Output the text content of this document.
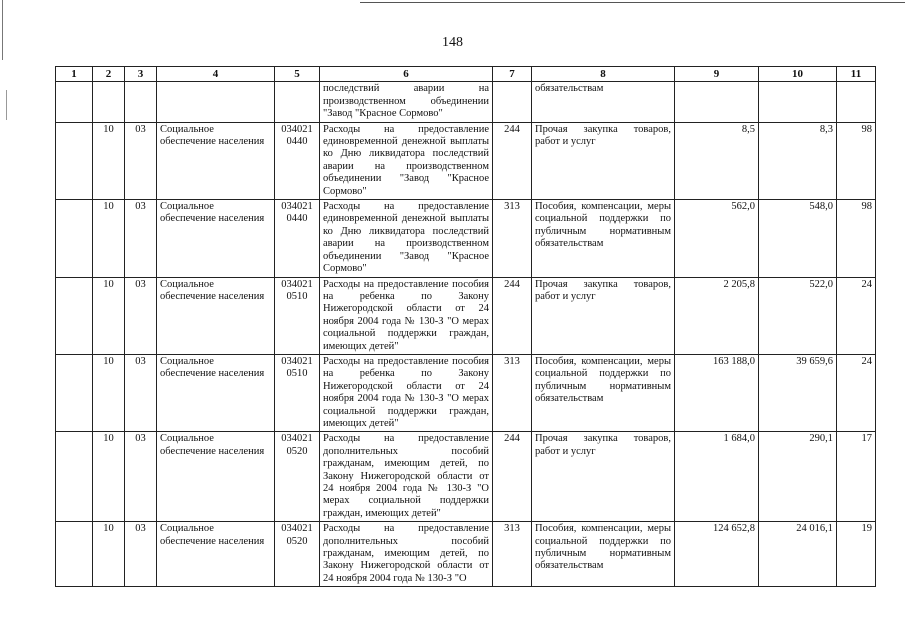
148
1	2	3	4	5	6	7	8	9	10	11
					последствий аварии на производственном объединении "Завод "Красное Сормово"		обязательствам			
	10	03	Социальное обеспечение населения	034021 0440	Расходы на предоставление единовременной денежной выплаты ко Дню ликвидатора последствий аварии на производственном объединении "Завод "Красное Сормово"	244	Прочая закупка товаров, работ и услуг	8,5	8,3	98
	10	03	Социальное обеспечение населения	034021 0440	Расходы на предоставление единовременной денежной выплаты ко Дню ликвидатора последствий аварии на производственном объединении "Завод "Красное Сормово"	313	Пособия, компенсации, меры социальной поддержки по публичным нормативным обязательствам	562,0	548,0	98
	10	03	Социальное обеспечение населения	034021 0510	Расходы на предоставление пособия на ребенка по Закону Нижегородской области от 24 ноября 2004 года № 130-З "О мерах социальной поддержки граждан, имеющих детей"	244	Прочая закупка товаров, работ и услуг	2 205,8	522,0	24
	10	03	Социальное обеспечение населения	034021 0510	Расходы на предоставление пособия на ребенка по Закону Нижегородской области от 24 ноября 2004 года № 130-З "О мерах социальной поддержки граждан, имеющих детей"	313	Пособия, компенсации, меры социальной поддержки по публичным нормативным обязательствам	163 188,0	39 659,6	24
	10	03	Социальное обеспечение населения	034021 0520	Расходы на предоставление дополнительных пособий гражданам, имеющим детей, по Закону Нижегородской области от 24 ноября 2004 года № 130-З "О мерах социальной поддержки граждан, имеющих детей"	244	Прочая закупка товаров, работ и услуг	1 684,0	290,1	17
	10	03	Социальное обеспечение населения	034021 0520	Расходы на предоставление дополнительных пособий гражданам, имеющим детей, по Закону Нижегородской области от 24 ноября 2004 года № 130-З "О	313	Пособия, компенсации, меры социальной поддержки по публичным нормативным обязательствам	124 652,8	24 016,1	19
